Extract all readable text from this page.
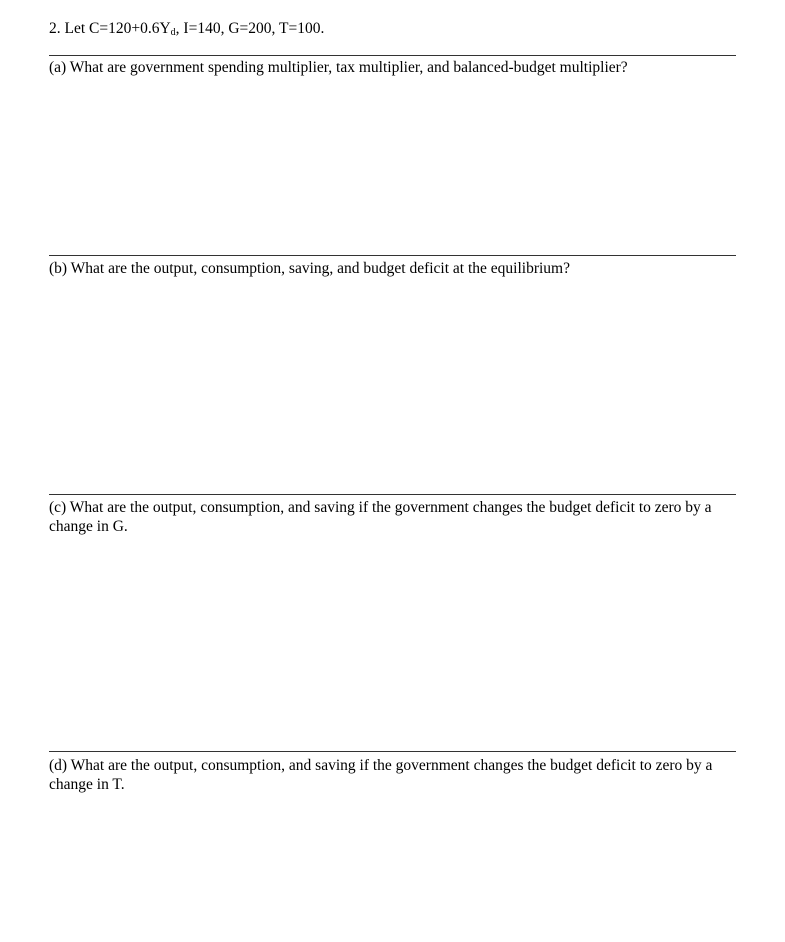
2. Let $C=120+0.6Y_d$, I=140, G=200, T=100.
(a) What are government spending multiplier, tax multiplier, and balanced-budget multiplier?
(b) What are the output, consumption, saving, and budget deficit at the equilibrium?
(c) What are the output, consumption, and saving if the government changes the budget deficit to zero by a change in G.
(d) What are the output, consumption, and saving if the government changes the budget deficit to zero by a change in T.
